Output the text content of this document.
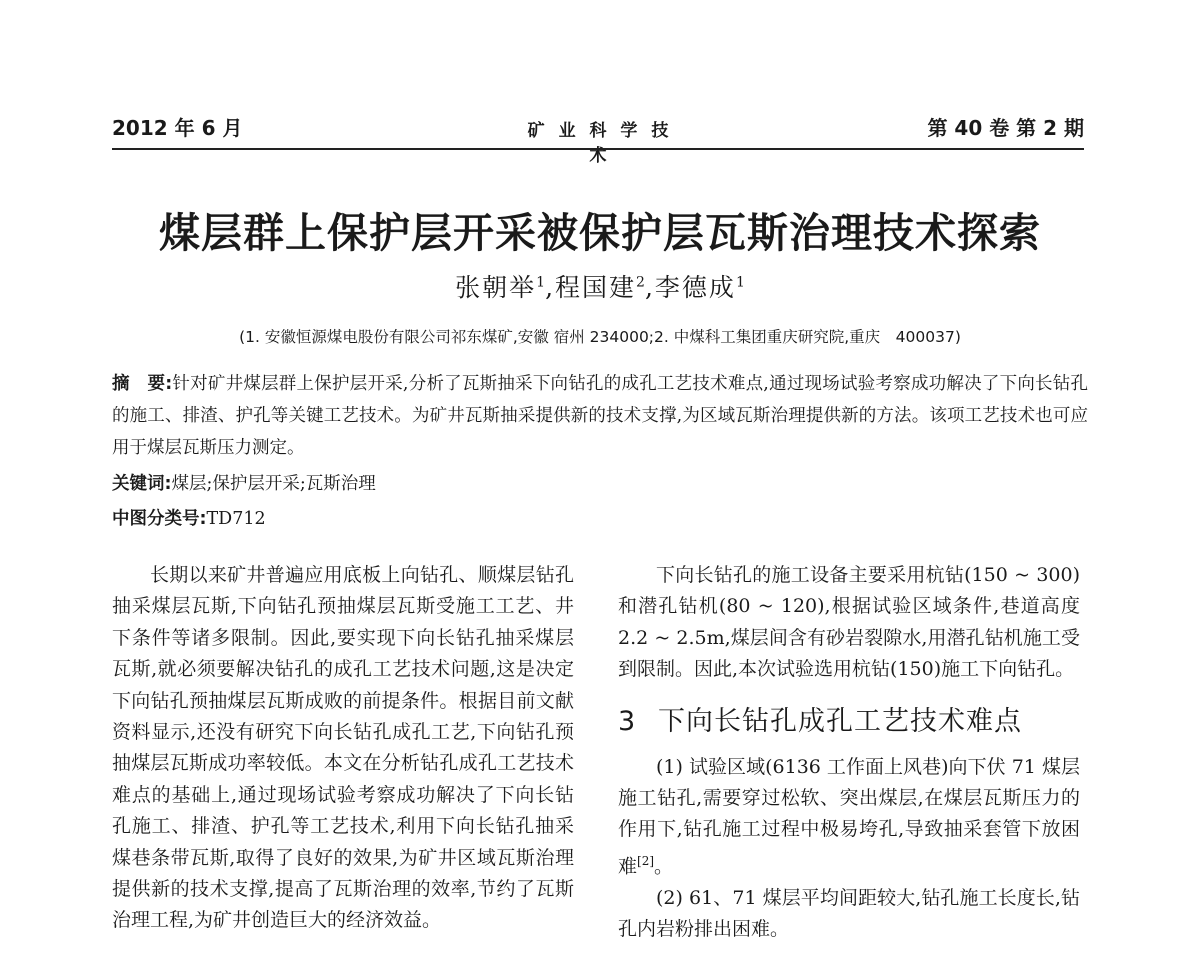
2012 年 6 月	矿 业 科 学 技 术
第 40 卷 第 2 期
煤层群上保护层开采被保护层瓦斯治理技术探索
张朝举$^1$,程国建$^2$,李德成$^1$
(1. 安徽恒源煤电股份有限公司祁东煤矿,安徽 宿州 234000;2. 中煤科工集团重庆研究院,重庆　400037)
摘　要:针对矿井煤层群上保护层开采,分析了瓦斯抽采下向钻孔的成孔工艺技术难点,通过现场试验考察成功解决了下向长钻孔的施工、排渣、护孔等关键工艺技术。为矿井瓦斯抽采提供新的技术支撑,为区域瓦斯治理提供新的方法。该项工艺技术也可应用于煤层瓦斯压力测定。
关键词:煤层;保护层开采;瓦斯治理
中图分类号:TD712

长期以来矿井普遍应用底板上向钻孔、顺煤层钻孔抽采煤层瓦斯,下向钻孔预抽煤层瓦斯受施工工艺、井下条件等诸多限制。因此,要实现下向长钻孔抽采煤层瓦斯,就必须要解决钻孔的成孔工艺技术问题,这是决定下向钻孔预抽煤层瓦斯成败的前提条件。根据目前文献资料显示,还没有研究下向长钻孔成孔工艺,下向钻孔预抽煤层瓦斯成功率较低。本文在分析钻孔成孔工艺技术难点的基础上,通过现场试验考察成功解决了下向长钻孔施工、排渣、护孔等工艺技术,利用下向长钻孔抽采煤巷条带瓦斯,取得了良好的效果,为矿井区域瓦斯治理提供新的技术支撑,提高了瓦斯治理的效率,节约了瓦斯治理工程,为矿井创造巨大的经济效益。

下向长钻孔的施工设备主要采用杭钻(150 ~ 300)和潜孔钻机(80 ~ 120),根据试验区域条件,巷道高度 2.2 ~ 2.5m,煤层间含有砂岩裂隙水,用潜孔钻机施工受到限制。因此,本次试验选用杭钻(150)施工下向钻孔。

3 下向长钻孔成孔工艺技术难点

(1) 试验区域(6136 工作面上风巷)向下伏 71 煤层施工钻孔,需要穿过松软、突出煤层,在煤层瓦斯压力的作用下,钻孔施工过程中极易垮孔,导致抽采套管下放困难[2]。

(2) 61、71 煤层平均间距较大,钻孔施工长度长,钻孔内岩粉排出困难。
